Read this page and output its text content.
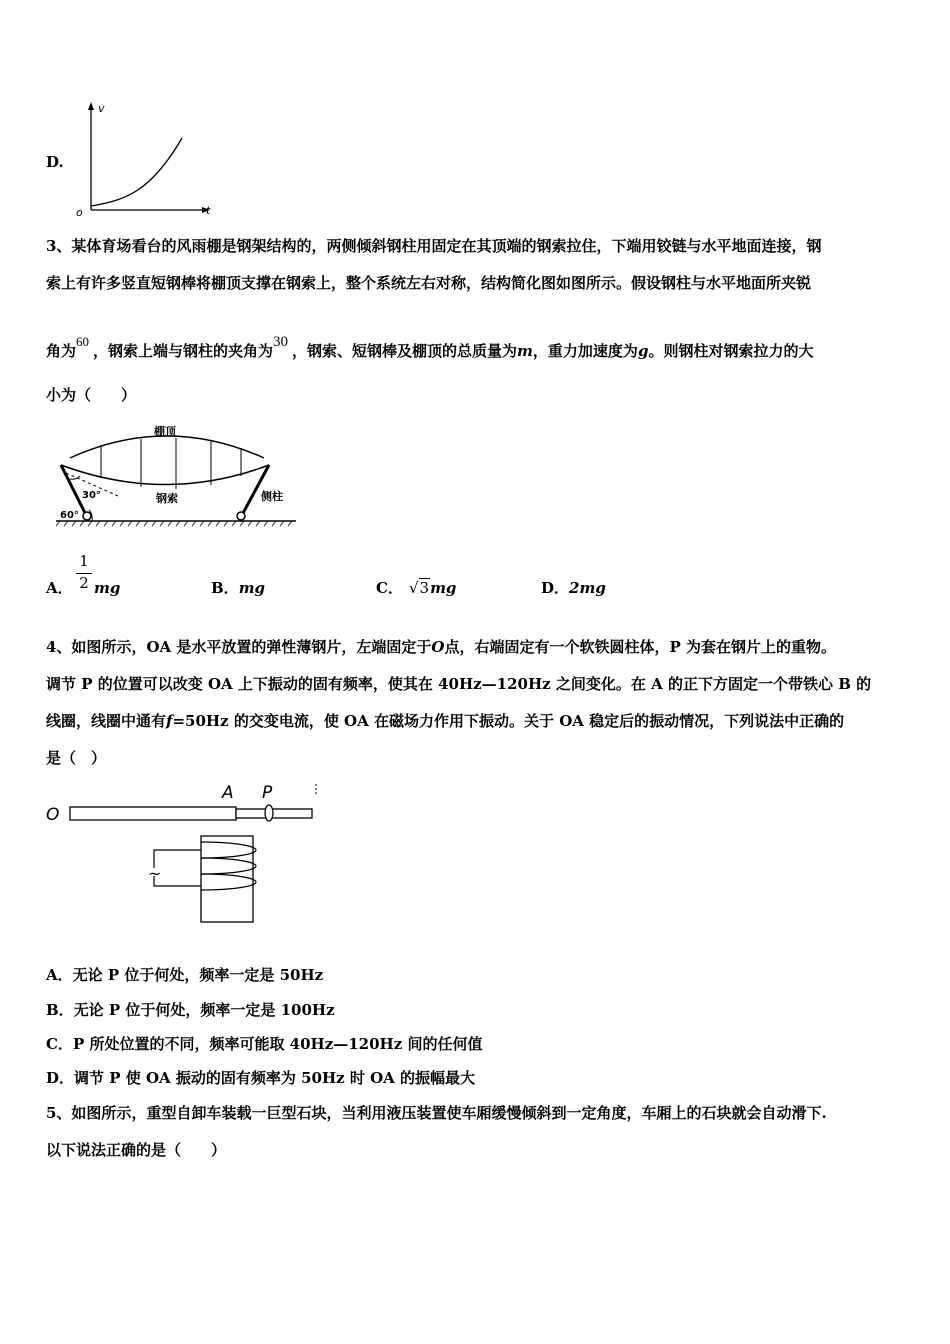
D.
v
t
o
3、某体育场看台的风雨棚是钢架结构的，两侧倾斜钢柱用固定在其顶端的钢索拉住，下端用铰链与水平地面连接，钢
索上有许多竖直短钢棒将棚顶支撑在钢索上，整个系统左右对称，结构简化图如图所示。假设钢柱与水平地面所夹锐
角为$^{60}$，钢索上端与钢柱的夹角为$^{30}$ ，钢索、短钢棒及棚顶的总质量为m，重力加速度为g。则钢柱对钢索拉力的大
小为（　　）
棚顶
钢索	侧柱
30°
60°
A． $\frac{1}{2}$ mg	B．mg	C． √3mg	D．2mg
4、如图所示，OA 是水平放置的弹性薄钢片，左端固定于O点，右端固定有一个软铁圆柱体，P 为套在钢片上的重物。
调节 P 的位置可以改变 OA 上下振动的固有频率，使其在 40Hz—120Hz 之间变化。在 A 的正下方固定一个带铁心 B 的
线圈，线圈中通有f=50Hz 的交变电流，使 OA 在磁场力作用下振动。关于 OA 稳定后的振动情况，下列说法中正确的
是（　）
O
A P
~
A．无论 P 位于何处，频率一定是 50Hz
B．无论 P 位于何处，频率一定是 100Hz
C．P 所处位置的不同，频率可能取 40Hz—120Hz 间的任何值
D．调节 P 使 OA 振动的固有频率为 50Hz 时 OA 的振幅最大
5、如图所示，重型自卸车装载一巨型石块，当利用液压装置使车厢缓慢倾斜到一定角度，车厢上的石块就会自动滑下.
以下说法正确的是（　　）
